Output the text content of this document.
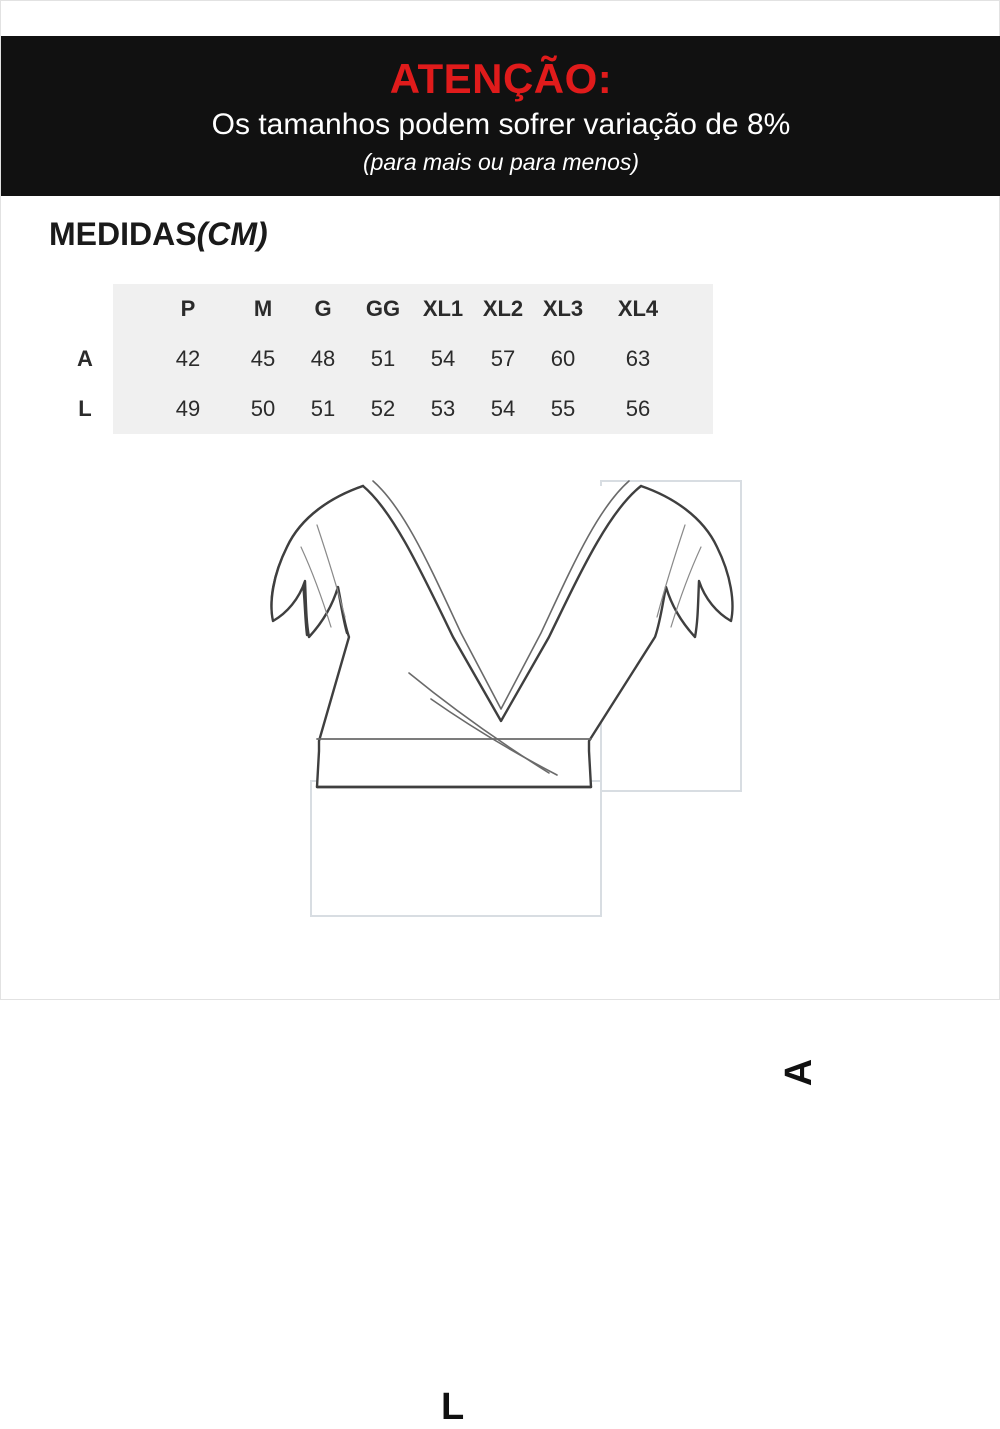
ATENÇÃO:
Os tamanhos podem sofrer variação de 8%
(para mais ou para menos)
MEDIDAS(CM)
	P	M	G	GG	XL1	XL2	XL3	XL4
A	42	45	48	51	54	57	60	63
L	49	50	51	52	53	54	55	56
A
L
